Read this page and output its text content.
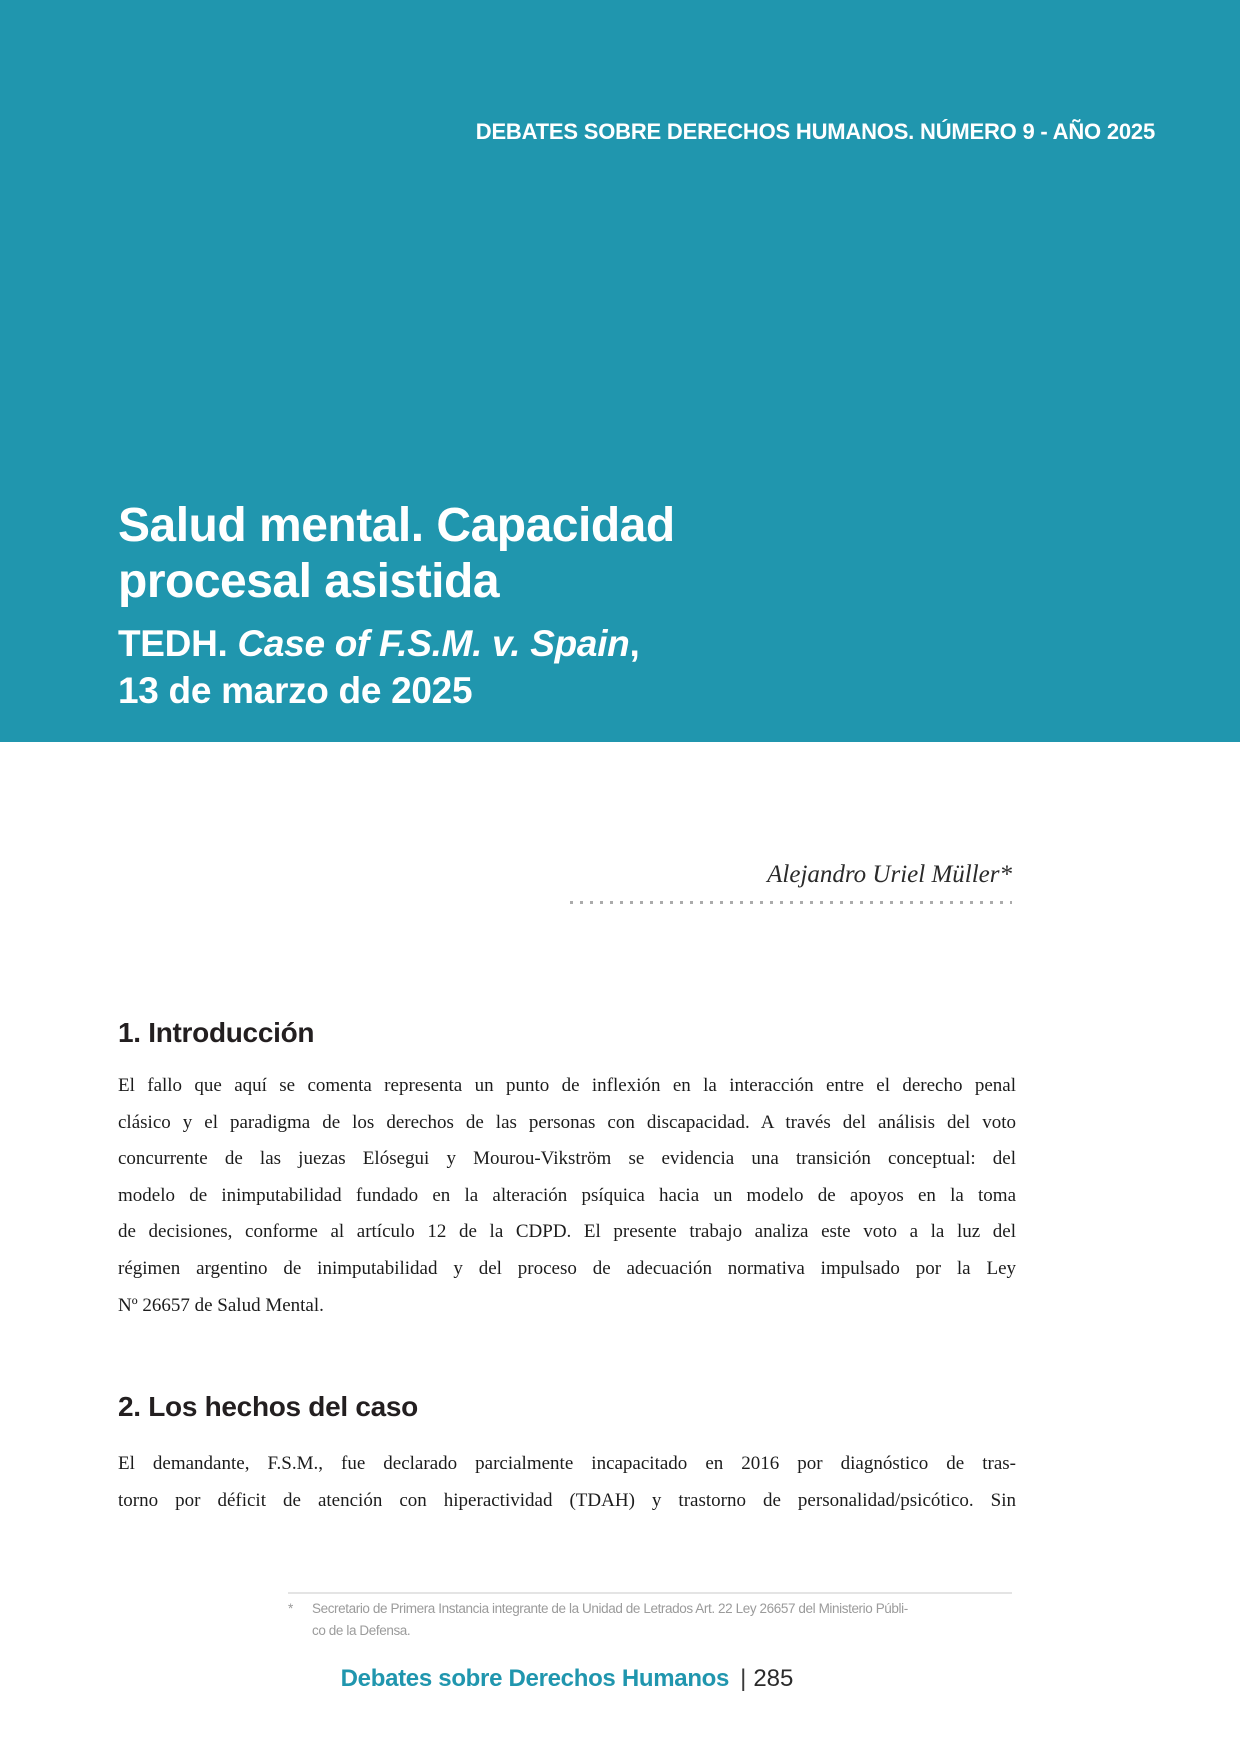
DEBATES SOBRE DERECHOS HUMANOS. NÚMERO 9 - AÑO 2025
Salud mental. Capacidad
procesal asistida
TEDH. Case of F.S.M. v. Spain,
13 de marzo de 2025
Alejandro Uriel Müller*
1. Introducción
El fallo que aquí se comenta representa un punto de inflexión en la interacción entre el derecho penal
clásico y el paradigma de los derechos de las personas con discapacidad. A través del análisis del voto
concurrente de las juezas Elósegui y Mourou-Vikström se evidencia una transición conceptual: del
modelo de inimputabilidad fundado en la alteración psíquica hacia un modelo de apoyos en la toma
de decisiones, conforme al artículo 12 de la CDPD. El presente trabajo analiza este voto a la luz del
régimen argentino de inimputabilidad y del proceso de adecuación normativa impulsado por la Ley
Nº 26657 de Salud Mental.
2. Los hechos del caso
El demandante, F.S.M., fue declarado parcialmente incapacitado en 2016 por diagnóstico de tras-
torno por déficit de atención con hiperactividad (TDAH) y trastorno de personalidad/psicótico. Sin
* Secretario de Primera Instancia integrante de la Unidad de Letrados Art. 22 Ley 26657 del Ministerio Públi-
co de la Defensa.
Debates sobre Derechos Humanos | 285
